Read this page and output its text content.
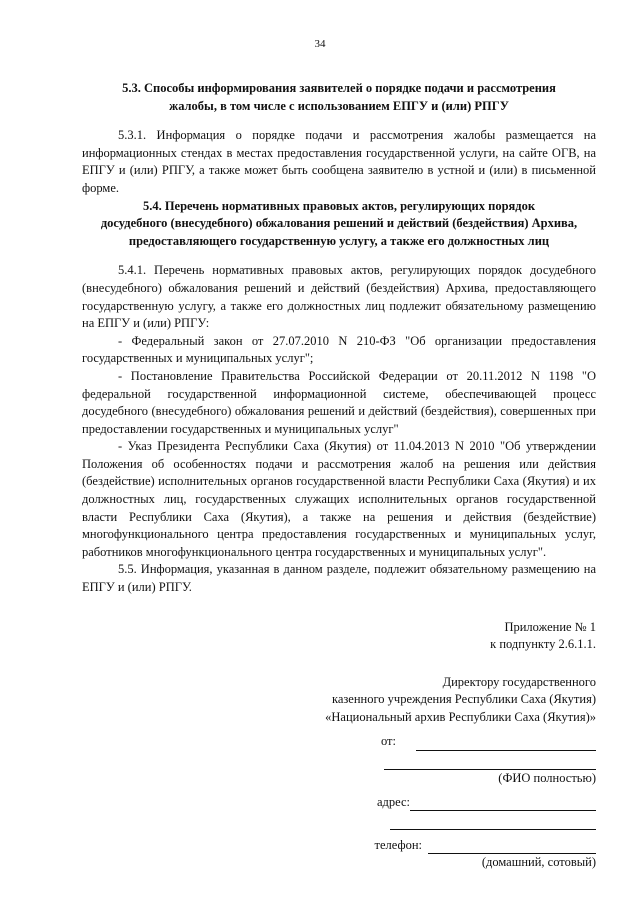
34

5.3. Способы информирования заявителей о порядке подачи и рассмотрения

жалобы, в том числе с использованием ЕПГУ и (или) РПГУ

5.3.1. Информация о порядке подачи и рассмотрения жалобы размещается на информационных стендах в местах предоставления государственной услуги, на сайте ОГВ, на ЕПГУ и (или) РПГУ, а также может быть сообщена заявителю в устной и (или) в письменной форме.

5.4. Перечень нормативных правовых актов, регулирующих порядок

досудебного (внесудебного) обжалования решений и действий (бездействия) Архива,

предоставляющего государственную услугу, а также его должностных лиц

5.4.1. Перечень нормативных правовых актов, регулирующих порядок досудебного (внесудебного) обжалования решений и действий (бездействия) Архива, предоставляющего государственную услугу, а также его должностных лиц подлежит обязательному размещению на ЕПГУ и (или) РПГУ:

- Федеральный закон от 27.07.2010 N 210-ФЗ "Об организации предоставления государственных и муниципальных услуг";

- Постановление Правительства Российской Федерации от 20.11.2012 N 1198 "О федеральной государственной информационной системе, обеспечивающей процесс досудебного (внесудебного) обжалования решений и действий (бездействия), совершенных при предоставлении государственных и муниципальных услуг"

- Указ Президента Республики Саха (Якутия) от 11.04.2013 N 2010 "Об утверждении Положения об особенностях подачи и рассмотрения жалоб на решения или действия (бездействие) исполнительных органов государственной власти Республики Саха (Якутия) и их должностных лиц, государственных служащих исполнительных органов государственной власти Республики Саха (Якутия), а также на решения и действия (бездействие) многофункционального центра предоставления государственных и муниципальных услуг, работников многофункционального центра государственных и муниципальных услуг".

5.5. Информация, указанная в данном разделе, подлежит обязательному размещению на ЕПГУ и (или) РПГУ.

Приложение № 1

к подпункту 2.6.1.1.

Директору государственного

казенного учреждения Республики Саха (Якутия)

«Национальный архив Республики Саха (Якутия)»

от:

(ФИО полностью)

адрес:
телефон:

(домашний, сотовый)
